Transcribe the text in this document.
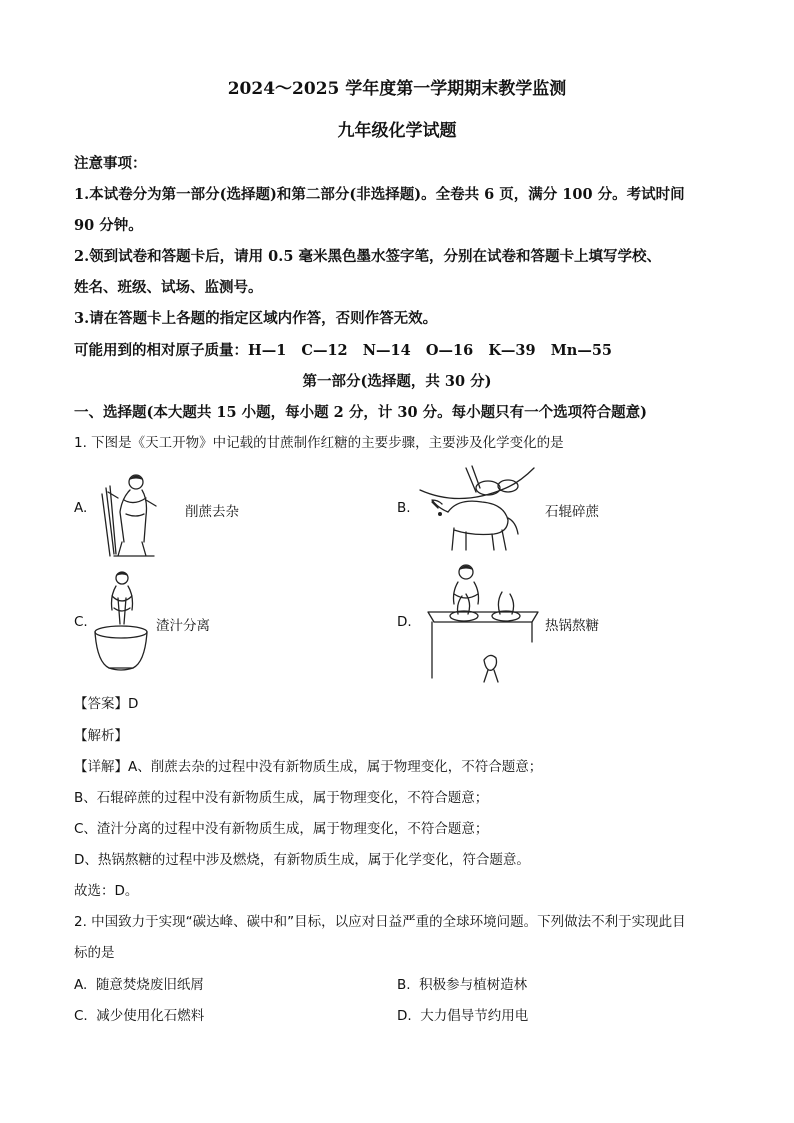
2024～2025 学年度第一学期期末教学监测
九年级化学试题
注意事项：
1.本试卷分为第一部分(选择题)和第二部分(非选择题)。全卷共 6 页，满分 100 分。考试时间
90 分钟。
2.领到试卷和答题卡后，请用 0.5 毫米黑色墨水签字笔，分别在试卷和答题卡上填写学校、
姓名、班级、试场、监测号。
3.请在答题卡上各题的指定区域内作答，否则作答无效。
可能用到的相对原子质量：H—1   C—12   N—14   O—16   K—39   Mn—55
第一部分(选择题，共 30 分)
一、选择题(本大题共 15 小题，每小题 2 分，计 30 分。每小题只有一个选项符合题意)
1. 下图是《天工开物》中记载的甘蔗制作红糖的主要步骤，主要涉及化学变化的是
A.	削蔗去杂	B.	石辊碎蔗
C.	渣汁分离	D.	热锅熬糖
【答案】D
【解析】
【详解】A、削蔗去杂的过程中没有新物质生成，属于物理变化，不符合题意；
B、石辊碎蔗的过程中没有新物质生成，属于物理变化，不符合题意；
C、渣汁分离的过程中没有新物质生成，属于物理变化，不符合题意；
D、热锅熬糖的过程中涉及燃烧，有新物质生成，属于化学变化，符合题意。
故选：D。
2. 中国致力于实现“碳达峰、碳中和”目标，以应对日益严重的全球环境问题。下列做法不利于实现此目
标的是
A.  随意焚烧废旧纸屑	B.  积极参与植树造林
C.  减少使用化石燃料	D.  大力倡导节约用电
